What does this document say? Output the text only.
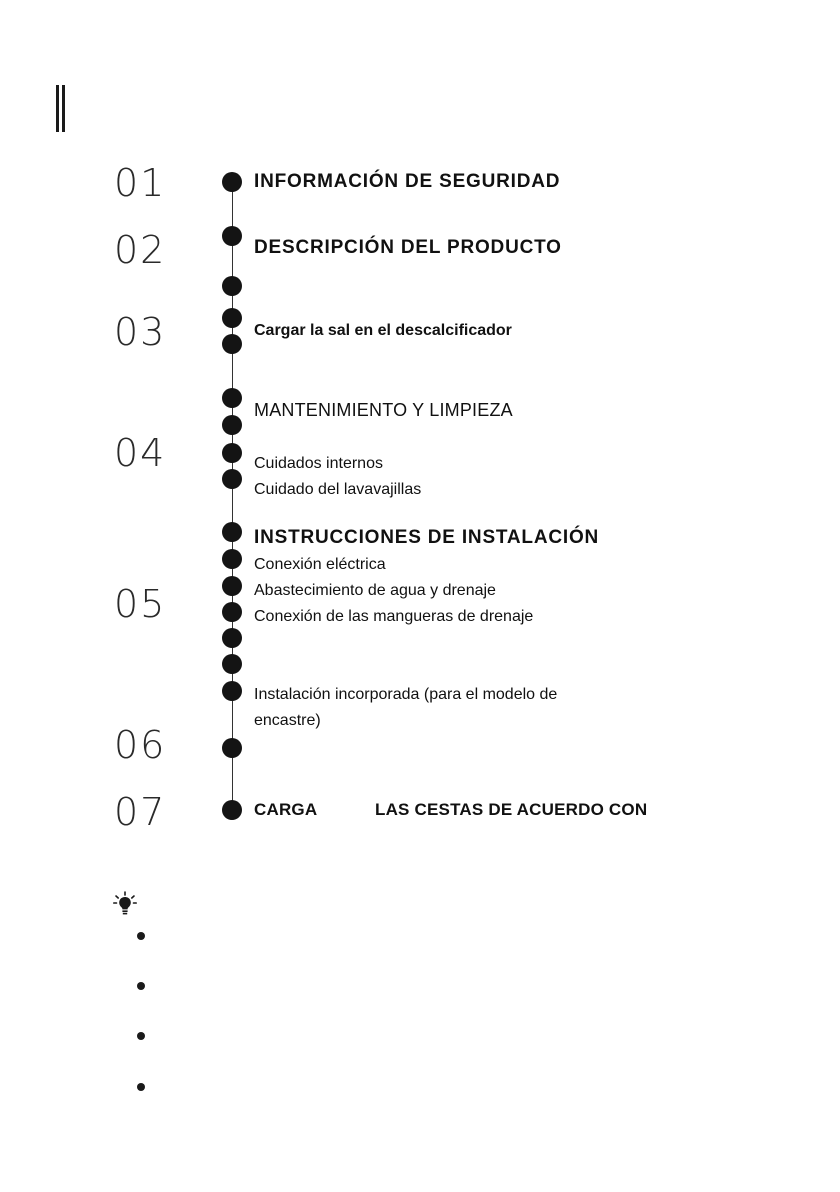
01
02
03
04
05
06
07
INFORMACIÓN DE SEGURIDAD
DESCRIPCIÓN DEL PRODUCTO
Cargar la sal en el descalcificador
MANTENIMIENTO Y LIMPIEZA
Cuidados internos
Cuidado del lavavajillas
INSTRUCCIONES DE INSTALACIÓN
Conexión eléctrica
Abastecimiento de agua y drenaje
Conexión de las mangueras de drenaje
Instalación incorporada (para el modelo de encastre)
CARGA	LAS CESTAS DE ACUERDO CON
